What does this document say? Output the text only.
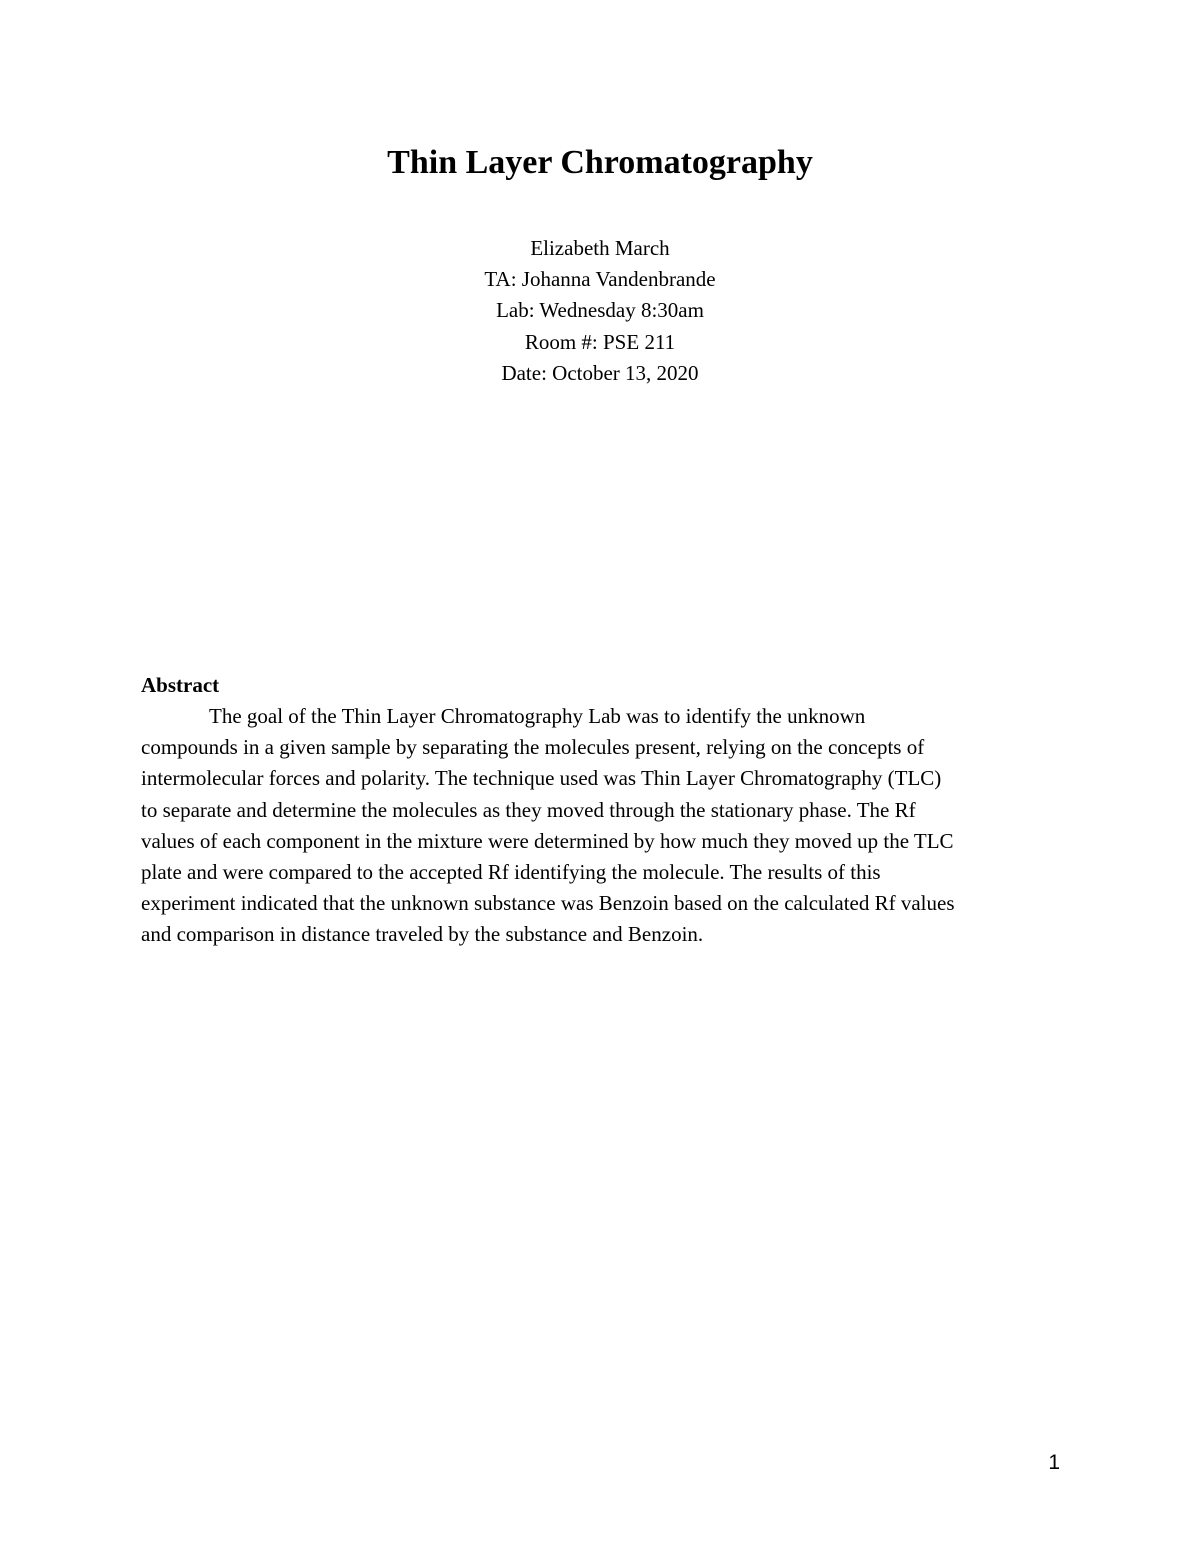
Thin Layer Chromatography
Elizabeth March
TA: Johanna Vandenbrande
Lab: Wednesday 8:30am
Room #: PSE 211
Date: October 13, 2020
Abstract
The goal of the Thin Layer Chromatography Lab was to identify the unknown
compounds in a given sample by separating the molecules present, relying on the concepts of
intermolecular forces and polarity. The technique used was Thin Layer Chromatography (TLC)
to separate and determine the molecules as they moved through the stationary phase. The Rf
values of each component in the mixture were determined by how much they moved up the TLC
plate and were compared to the accepted Rf identifying the molecule. The results of this
experiment indicated that the unknown substance was Benzoin based on the calculated Rf values
and comparison in distance traveled by the substance and Benzoin.
1
